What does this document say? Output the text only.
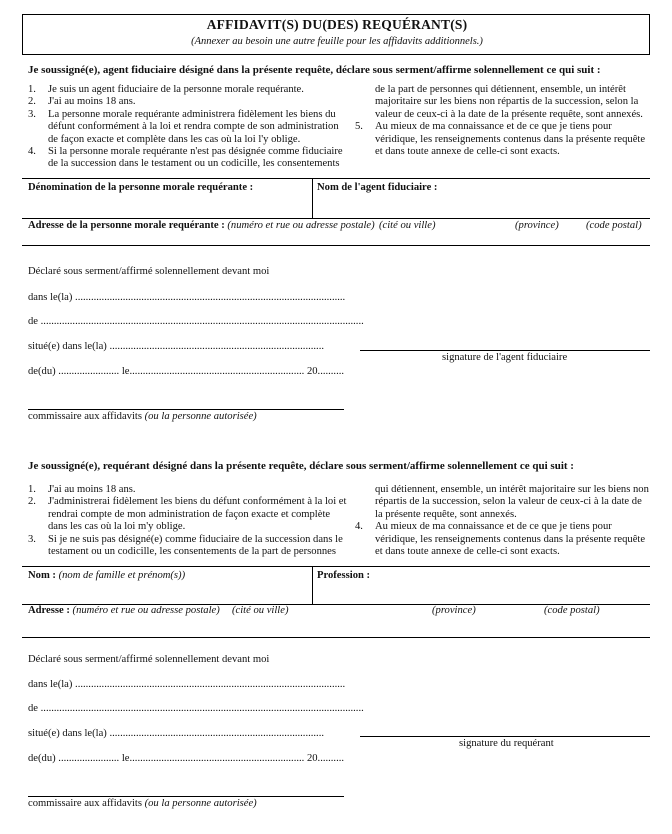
AFFIDAVIT(S) DU(DES) REQUÉRANT(S)
(Annexer au besoin une autre feuille pour les affidavits additionnels.)
Je soussigné(e), agent fiduciaire désigné dans la présente requête, déclare sous serment/affirme solennellement ce qui suit :
1. Je suis un agent fiduciaire de la personne morale requérante.
2. J'ai au moins 18 ans.
3. La personne morale requérante administrera fidèlement les biens du défunt conformément à la loi et rendra compte de son administration de façon exacte et complète dans les cas où la loi l'y oblige.
4. Si la personne morale requérante n'est pas désignée comme fiduciaire de la succession dans le testament ou un codicille, les consentements
de la part de personnes qui détiennent, ensemble, un intérêt majoritaire sur les biens non répartis de la succession, selon la valeur de ceux-ci à la date de la présente requête, sont annexés.
5. Au mieux de ma connaissance et de ce que je tiens pour véridique, les renseignements contenus dans la présente requête et dans toute annexe de celle-ci sont exacts.
Dénomination de la personne morale requérante :	Nom de l'agent fiduciaire :
Adresse de la personne morale requérante : (numéro et rue ou adresse postale) (cité ou ville)	(province)	(code postal)
Déclaré sous serment/affirmé solennellement devant moi
dans le(la) ......................................................................................................
de ..........................................................................................................................
situé(e) dans le(la) .................................................................................
de(du) ....................... le.................................................................. 20..........
signature de l'agent fiduciaire
commissaire aux affidavits (ou la personne autorisée)
Je soussigné(e), requérant désigné dans la présente requête, déclare sous serment/affirme solennellement ce qui suit :
1. J'ai au moins 18 ans.
2. J'administrerai fidèlement les biens du défunt conformément à la loi et rendrai compte de mon administration de façon exacte et complète dans les cas où la loi m'y oblige.
3. Si je ne suis pas désigné(e) comme fiduciaire de la succession dans le testament ou un codicille, les consentements de la part de personnes
qui détiennent, ensemble, un intérêt majoritaire sur les biens non répartis de la succession, selon la valeur de ceux-ci à la date de la présente requête, sont annexés.
4. Au mieux de ma connaissance et de ce que je tiens pour véridique, les renseignements contenus dans la présente requête et dans toute annexe de celle-ci sont exacts.
Nom : (nom de famille et prénom(s))	Profession :
Adresse : (numéro et rue ou adresse postale) (cité ou ville)	(province)	(code postal)
Déclaré sous serment/affirmé solennellement devant moi
dans le(la) ......................................................................................................
de ..........................................................................................................................
situé(e) dans le(la) .................................................................................
de(du) ....................... le.................................................................. 20..........
signature du requérant
commissaire aux affidavits (ou la personne autorisée)
